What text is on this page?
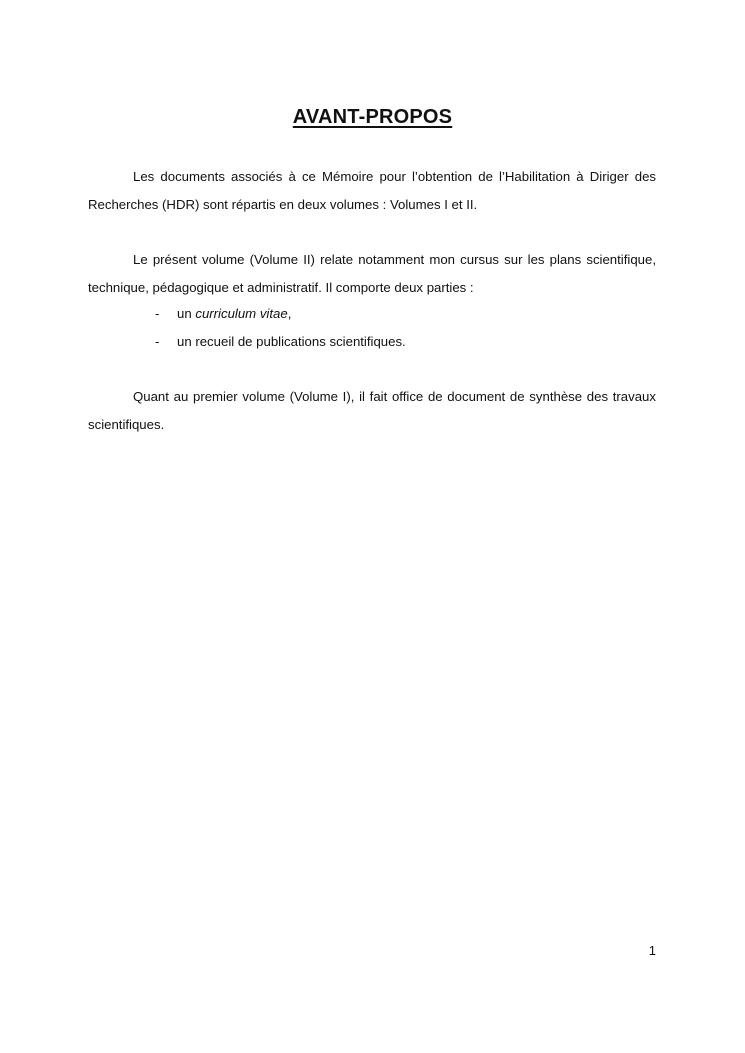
AVANT-PROPOS

Les documents associés à ce Mémoire pour l’obtention de l’Habilitation à Diriger des Recherches (HDR) sont répartis en deux volumes : Volumes I et II.

Le présent volume (Volume II) relate notamment mon cursus sur les plans scientifique, technique, pédagogique et administratif. Il comporte deux parties :

- un curriculum vitae,
- un recueil de publications scientifiques.

Quant au premier volume (Volume I), il fait office de document de synthèse des travaux scientifiques.

1
